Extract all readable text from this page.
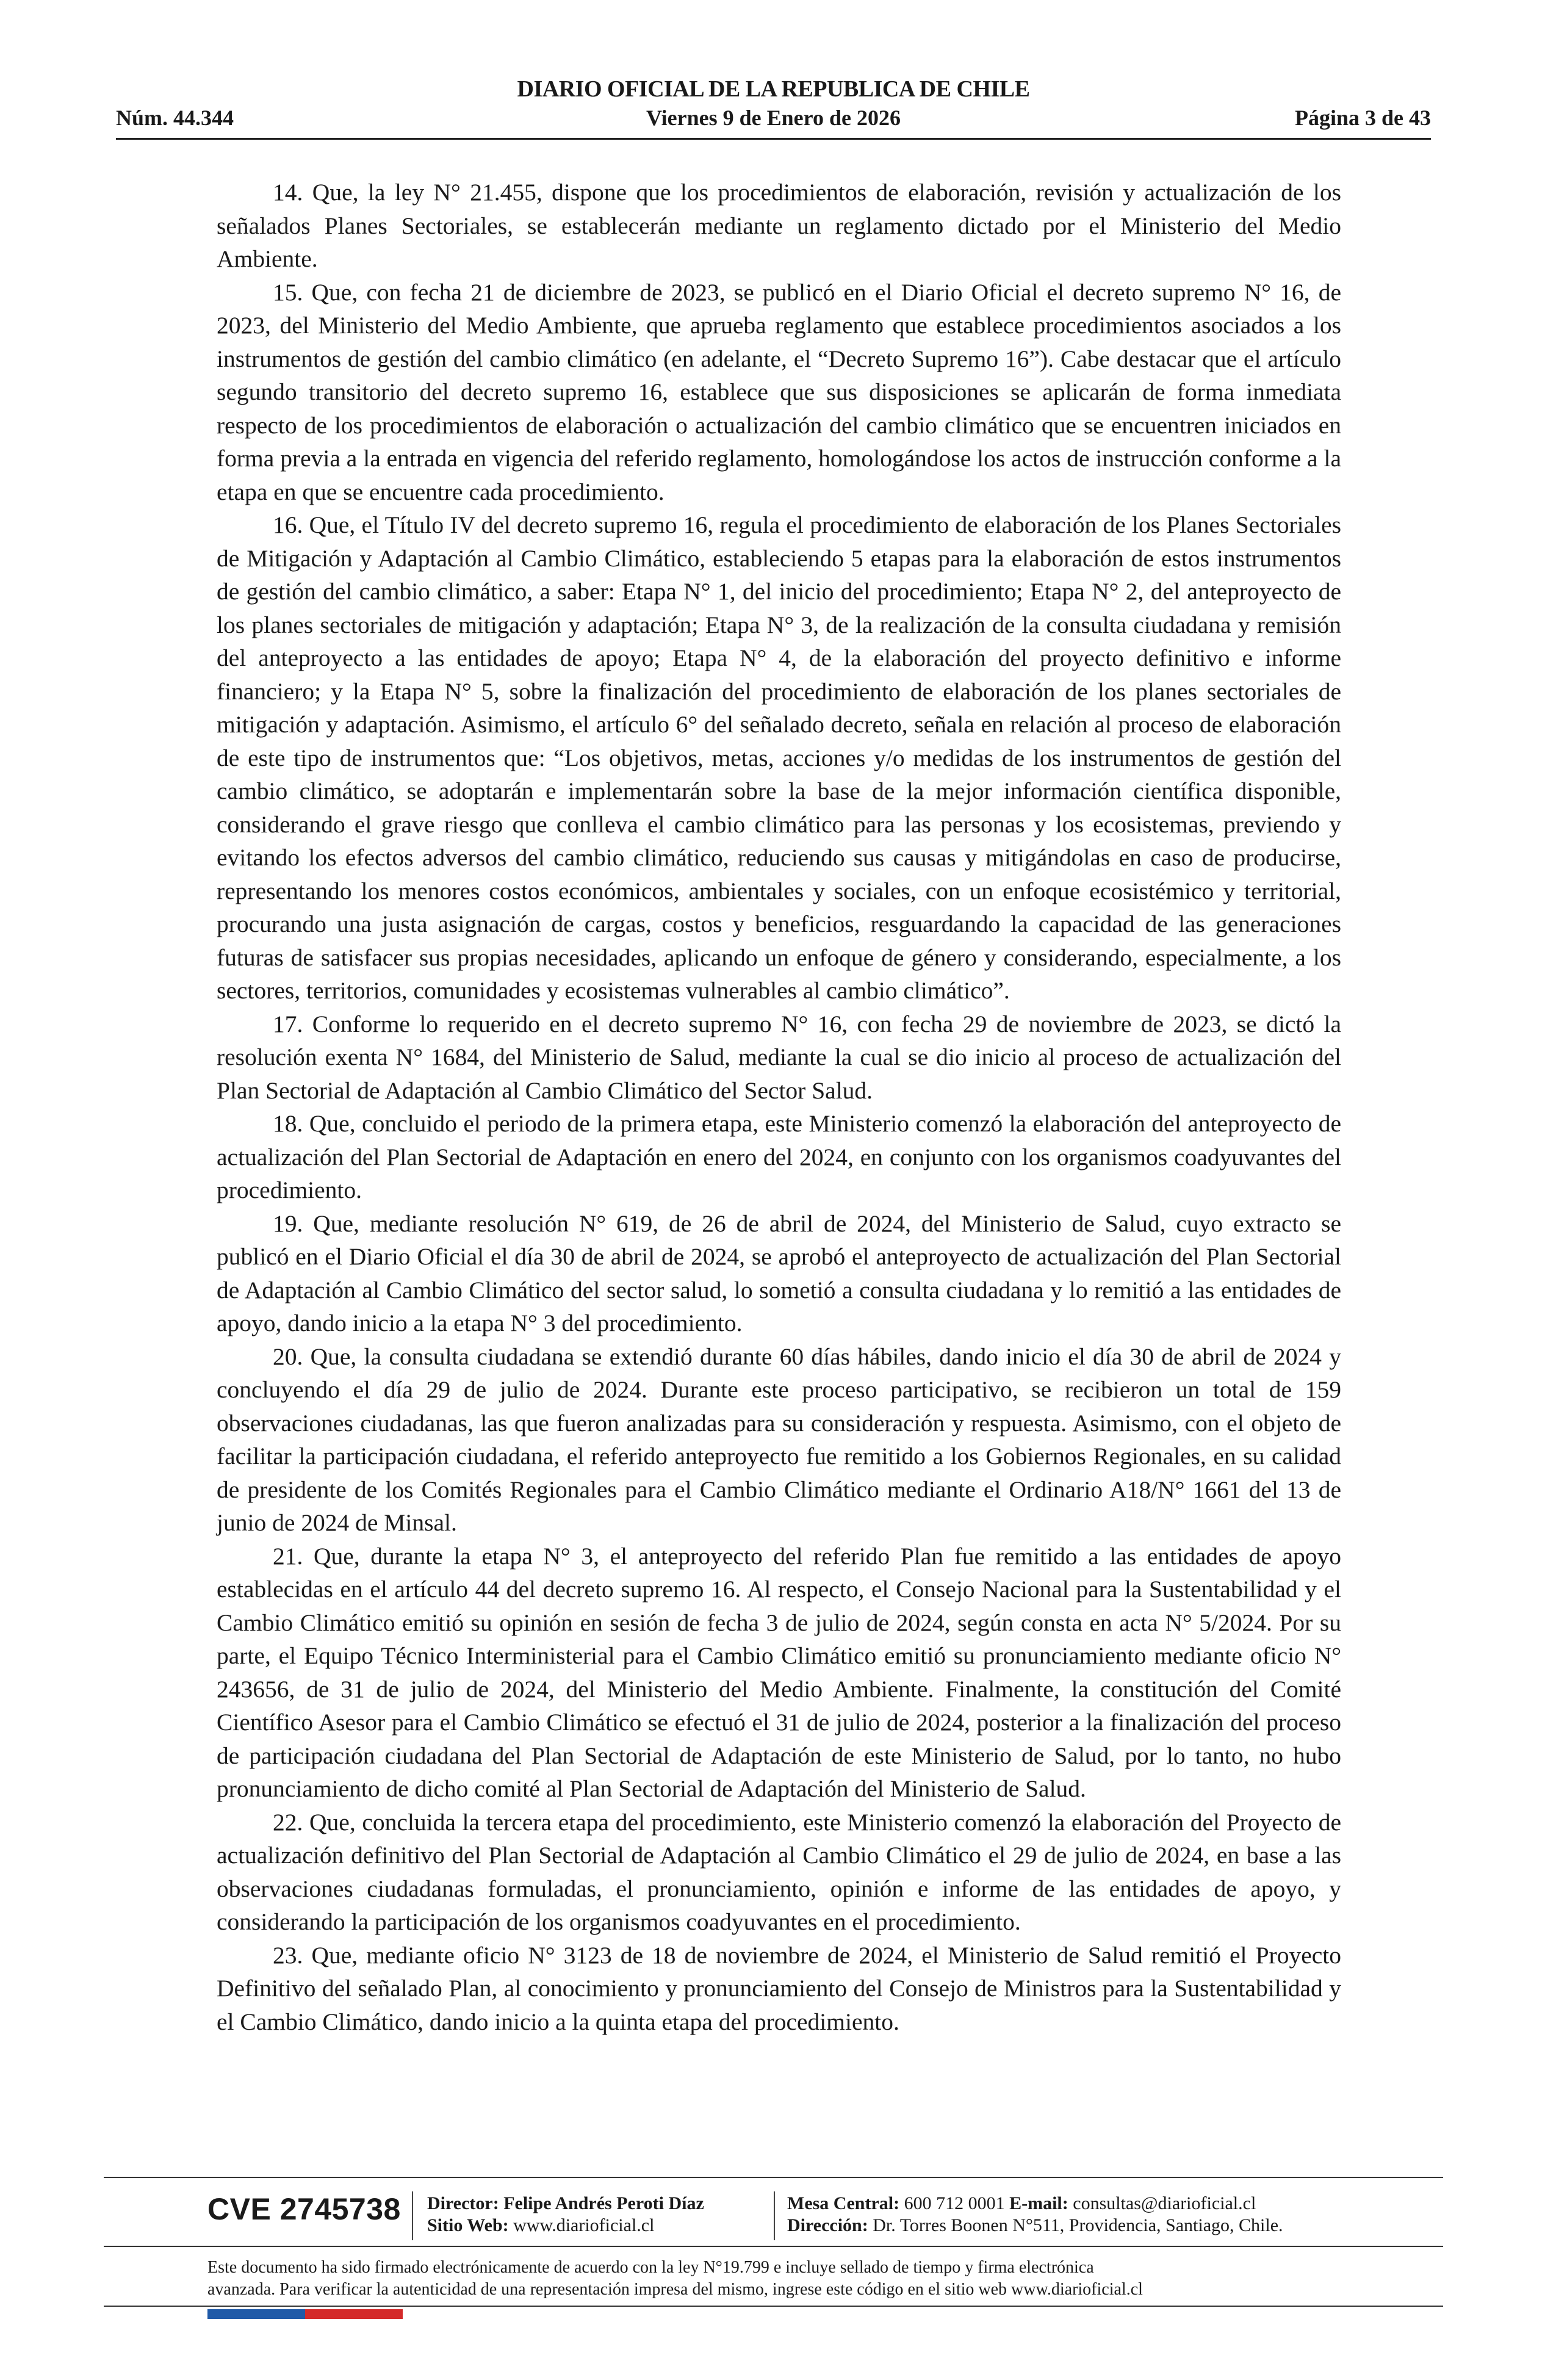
Núm. 44.344
DIARIO OFICIAL DE LA REPUBLICA DE CHILE
Viernes 9 de Enero de 2026	Página 3 de 43

14. Que, la ley N° 21.455, dispone que los procedimientos de elaboración, revisión y actualización de los señalados Planes Sectoriales, se establecerán mediante un reglamento dictado por el Ministerio del Medio Ambiente.

15. Que, con fecha 21 de diciembre de 2023, se publicó en el Diario Oficial el decreto supremo N° 16, de 2023, del Ministerio del Medio Ambiente, que aprueba reglamento que establece procedimientos asociados a los instrumentos de gestión del cambio climático (en adelante, el “Decreto Supremo 16”). Cabe destacar que el artículo segundo transitorio del decreto supremo 16, establece que sus disposiciones se aplicarán de forma inmediata respecto de los procedimientos de elaboración o actualización del cambio climático que se encuentren iniciados en forma previa a la entrada en vigencia del referido reglamento, homologándose los actos de instrucción conforme a la etapa en que se encuentre cada procedimiento.

16. Que, el Título IV del decreto supremo 16, regula el procedimiento de elaboración de los Planes Sectoriales de Mitigación y Adaptación al Cambio Climático, estableciendo 5 etapas para la elaboración de estos instrumentos de gestión del cambio climático, a saber: Etapa N° 1, del inicio del procedimiento; Etapa N° 2, del anteproyecto de los planes sectoriales de mitigación y adaptación; Etapa N° 3, de la realización de la consulta ciudadana y remisión del anteproyecto a las entidades de apoyo; Etapa N° 4, de la elaboración del proyecto definitivo e informe financiero; y la Etapa N° 5, sobre la finalización del procedimiento de elaboración de los planes sectoriales de mitigación y adaptación. Asimismo, el artículo 6° del señalado decreto, señala en relación al proceso de elaboración de este tipo de instrumentos que: “Los objetivos, metas, acciones y/o medidas de los instrumentos de gestión del cambio climático, se adoptarán e implementarán sobre la base de la mejor información científica disponible, considerando el grave riesgo que conlleva el cambio climático para las personas y los ecosistemas, previendo y evitando los efectos adversos del cambio climático, reduciendo sus causas y mitigándolas en caso de producirse, representando los menores costos económicos, ambientales y sociales, con un enfoque ecosistémico y territorial, procurando una justa asignación de cargas, costos y beneficios, resguardando la capacidad de las generaciones futuras de satisfacer sus propias necesidades, aplicando un enfoque de género y considerando, especialmente, a los sectores, territorios, comunidades y ecosistemas vulnerables al cambio climático”.

17. Conforme lo requerido en el decreto supremo N° 16, con fecha 29 de noviembre de 2023, se dictó la resolución exenta N° 1684, del Ministerio de Salud, mediante la cual se dio inicio al proceso de actualización del Plan Sectorial de Adaptación al Cambio Climático del Sector Salud.

18. Que, concluido el periodo de la primera etapa, este Ministerio comenzó la elaboración del anteproyecto de actualización del Plan Sectorial de Adaptación en enero del 2024, en conjunto con los organismos coadyuvantes del procedimiento.

19. Que, mediante resolución N° 619, de 26 de abril de 2024, del Ministerio de Salud, cuyo extracto se publicó en el Diario Oficial el día 30 de abril de 2024, se aprobó el anteproyecto de actualización del Plan Sectorial de Adaptación al Cambio Climático del sector salud, lo sometió a consulta ciudadana y lo remitió a las entidades de apoyo, dando inicio a la etapa N° 3 del procedimiento.

20. Que, la consulta ciudadana se extendió durante 60 días hábiles, dando inicio el día 30 de abril de 2024 y concluyendo el día 29 de julio de 2024. Durante este proceso participativo, se recibieron un total de 159 observaciones ciudadanas, las que fueron analizadas para su consideración y respuesta. Asimismo, con el objeto de facilitar la participación ciudadana, el referido anteproyecto fue remitido a los Gobiernos Regionales, en su calidad de presidente de los Comités Regionales para el Cambio Climático mediante el Ordinario A18/N° 1661 del 13 de junio de 2024 de Minsal.

21. Que, durante la etapa N° 3, el anteproyecto del referido Plan fue remitido a las entidades de apoyo establecidas en el artículo 44 del decreto supremo 16. Al respecto, el Consejo Nacional para la Sustentabilidad y el Cambio Climático emitió su opinión en sesión de fecha 3 de julio de 2024, según consta en acta N° 5/2024. Por su parte, el Equipo Técnico Interministerial para el Cambio Climático emitió su pronunciamiento mediante oficio N° 243656, de 31 de julio de 2024, del Ministerio del Medio Ambiente. Finalmente, la constitución del Comité Científico Asesor para el Cambio Climático se efectuó el 31 de julio de 2024, posterior a la finalización del proceso de participación ciudadana del Plan Sectorial de Adaptación de este Ministerio de Salud, por lo tanto, no hubo pronunciamiento de dicho comité al Plan Sectorial de Adaptación del Ministerio de Salud.

22. Que, concluida la tercera etapa del procedimiento, este Ministerio comenzó la elaboración del Proyecto de actualización definitivo del Plan Sectorial de Adaptación al Cambio Climático el 29 de julio de 2024, en base a las observaciones ciudadanas formuladas, el pronunciamiento, opinión e informe de las entidades de apoyo, y considerando la participación de los organismos coadyuvantes en el procedimiento.

23. Que, mediante oficio N° 3123 de 18 de noviembre de 2024, el Ministerio de Salud remitió el Proyecto Definitivo del señalado Plan, al conocimiento y pronunciamiento del Consejo de Ministros para la Sustentabilidad y el Cambio Climático, dando inicio a la quinta etapa del procedimiento.

CVE 2745738 Director: Felipe Andrés Peroti Díaz
Sitio Web: www.diarioficial.cl
Mesa Central: 600 712 0001 E-mail: consultas@diarioficial.cl
Dirección: Dr. Torres Boonen N°511, Providencia, Santiago, Chile.
Este documento ha sido firmado electrónicamente de acuerdo con la ley N°19.799 e incluye sellado de tiempo y firma electrónica
avanzada. Para verificar la autenticidad de una representación impresa del mismo, ingrese este código en el sitio web www.diarioficial.cl
